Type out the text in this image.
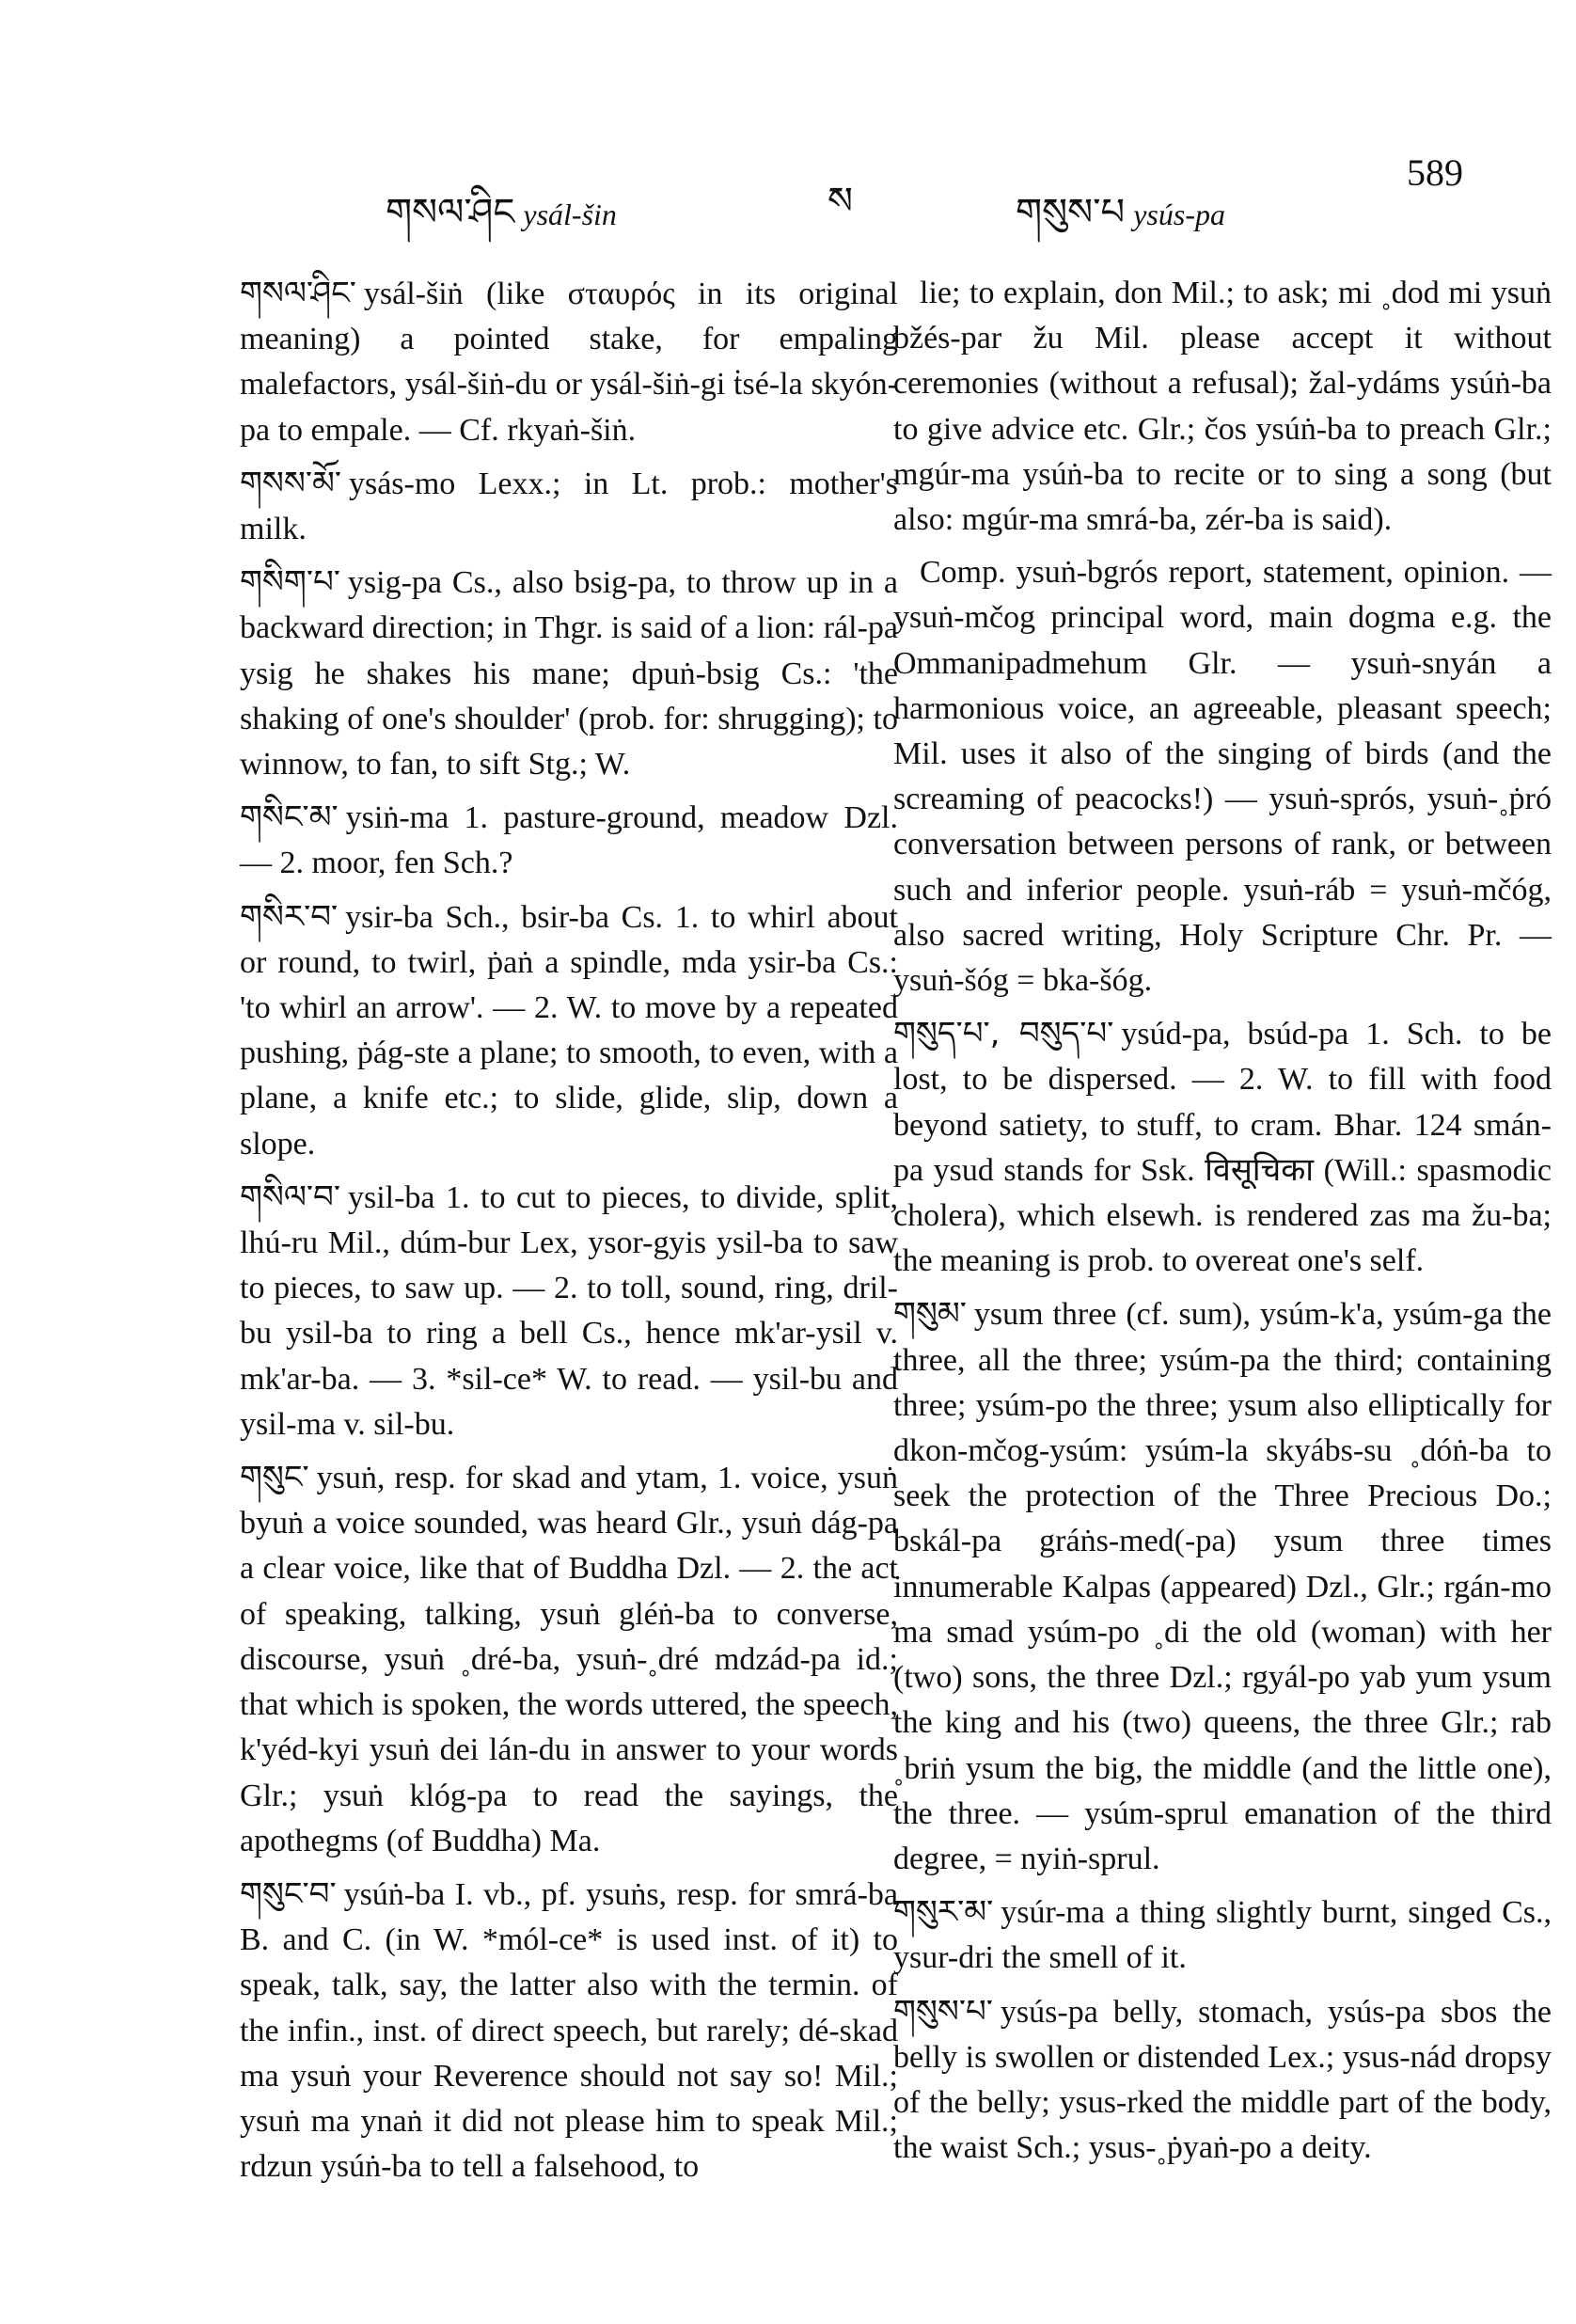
གསལ་ཤིང ysál-šin	ས	གསུས་པ ysús-pa
589
གསལ་ཤིང་ ysál-šiṅ (like σταυρός in its original meaning) a pointed stake, for empaling malefactors, ysál-šiṅ-du or ysál-šiṅ-gi ṫsé-la skyón-pa to empale. — Cf. rkyaṅ-šiṅ.
གསས་མོ་ ysás-mo Lexx.; in Lt. prob.: mother's milk.
གསིག་པ་ ysig-pa Cs., also bsig-pa, to throw up in a backward direction; in Thgr. is said of a lion: rál-pa ysig he shakes his mane; dpuṅ-bsig Cs.: 'the shaking of one's shoulder' (prob. for: shrugging); to winnow, to fan, to sift Stg.; W.
གསིང་མ་ ysiṅ-ma 1. pasture-ground, meadow Dzl. — 2. moor, fen Sch.?
གསིར་བ་ ysir-ba Sch., bsir-ba Cs. 1. to whirl about or round, to twirl, ṗaṅ a spindle, mda ysir-ba Cs.: 'to whirl an arrow'. — 2. W. to move by a repeated pushing, ṗág-ste a plane; to smooth, to even, with a plane, a knife etc.; to slide, glide, slip, down a slope.
གསིལ་བ་ ysil-ba 1. to cut to pieces, to divide, split, lhú-ru Mil., dúm-bur Lex, ysor-gyis ysil-ba to saw to pieces, to saw up. — 2. to toll, sound, ring, dril-bu ysil-ba to ring a bell Cs., hence mk'ar-ysil v. mk'ar-ba. — 3. *sil-ce* W. to read. — ysil-bu and ysil-ma v. sil-bu.
གསུང་ ysuṅ, resp. for skad and ytam, 1. voice, ysuṅ byuṅ a voice sounded, was heard Glr., ysuṅ dág-pa a clear voice, like that of Buddha Dzl. — 2. the act of speaking, talking, ysuṅ gléṅ-ba to converse, discourse, ysuṅ ˳dré-ba, ysuṅ-˳dré mdzád-pa id.; that which is spoken, the words uttered, the speech, k'yéd-kyi ysuṅ dei lán-du in answer to your words Glr.; ysuṅ klóg-pa to read the sayings, the apothegms (of Buddha) Ma.
གསུང་བ་ ysúṅ-ba I. vb., pf. ysuṅs, resp. for smrá-ba B. and C. (in W. *mól-ce* is used inst. of it) to speak, talk, say, the latter also with the termin. of the infin., inst. of direct speech, but rarely; dé-skad ma ysuṅ your Reverence should not say so! Mil.; ysuṅ ma ynaṅ it did not please him to speak Mil.; rdzun ysúṅ-ba to tell a falsehood, to
lie; to explain, don Mil.; to ask; mi ˳dod mi ysuṅ bžés-par žu Mil. please accept it without ceremonies (without a refusal); žal-ydáms ysúṅ-ba to give advice etc. Glr.; čos ysúṅ-ba to preach Glr.; mgúr-ma ysúṅ-ba to recite or to sing a song (but also: mgúr-ma smrá-ba, zér-ba is said).
Comp. ysuṅ-bgrós report, statement, opinion. — ysuṅ-mčog principal word, main dogma e.g. the Ommanipadmehum Glr. — ysuṅ-snyán a harmonious voice, an agreeable, pleasant speech; Mil. uses it also of the singing of birds (and the screaming of peacocks!) — ysuṅ-sprós, ysuṅ-˳ṗró conversation between persons of rank, or between such and inferior people. ysuṅ-ráb = ysuṅ-mčóg, also sacred writing, Holy Scripture Chr. Pr. — ysuṅ-šóg = bka-šóg.
གསུད་པ་, བསུད་པ་ ysúd-pa, bsúd-pa 1. Sch. to be lost, to be dispersed. — 2. W. to fill with food beyond satiety, to stuff, to cram. Bhar. 124 smán-pa ysud stands for Ssk. विसूचिका (Will.: spasmodic cholera), which elsewh. is rendered zas ma žu-ba; the meaning is prob. to overeat one's self.
གསུམ་ ysum three (cf. sum), ysúm-k'a, ysúm-ga the three, all the three; ysúm-pa the third; containing three; ysúm-po the three; ysum also elliptically for dkon-mčog-ysúm: ysúm-la skyábs-su ˳dóṅ-ba to seek the protection of the Three Precious Do.; bskál-pa gráṅs-med(-pa) ysum three times innumerable Kalpas (appeared) Dzl., Glr.; rgán-mo ma smad ysúm-po ˳di the old (woman) with her (two) sons, the three Dzl.; rgyál-po yab yum ysum the king and his (two) queens, the three Glr.; rab ˳briṅ ysum the big, the middle (and the little one), the three. — ysúm-sprul emanation of the third degree, = nyiṅ-sprul.
གསུར་མ་ ysúr-ma a thing slightly burnt, singed Cs., ysur-dri the smell of it.
གསུས་པ་ ysús-pa belly, stomach, ysús-pa sbos the belly is swollen or distended Lex.; ysus-nád dropsy of the belly; ysus-rked the middle part of the body, the waist Sch.; ysus-˳ṗyaṅ-po a deity.
